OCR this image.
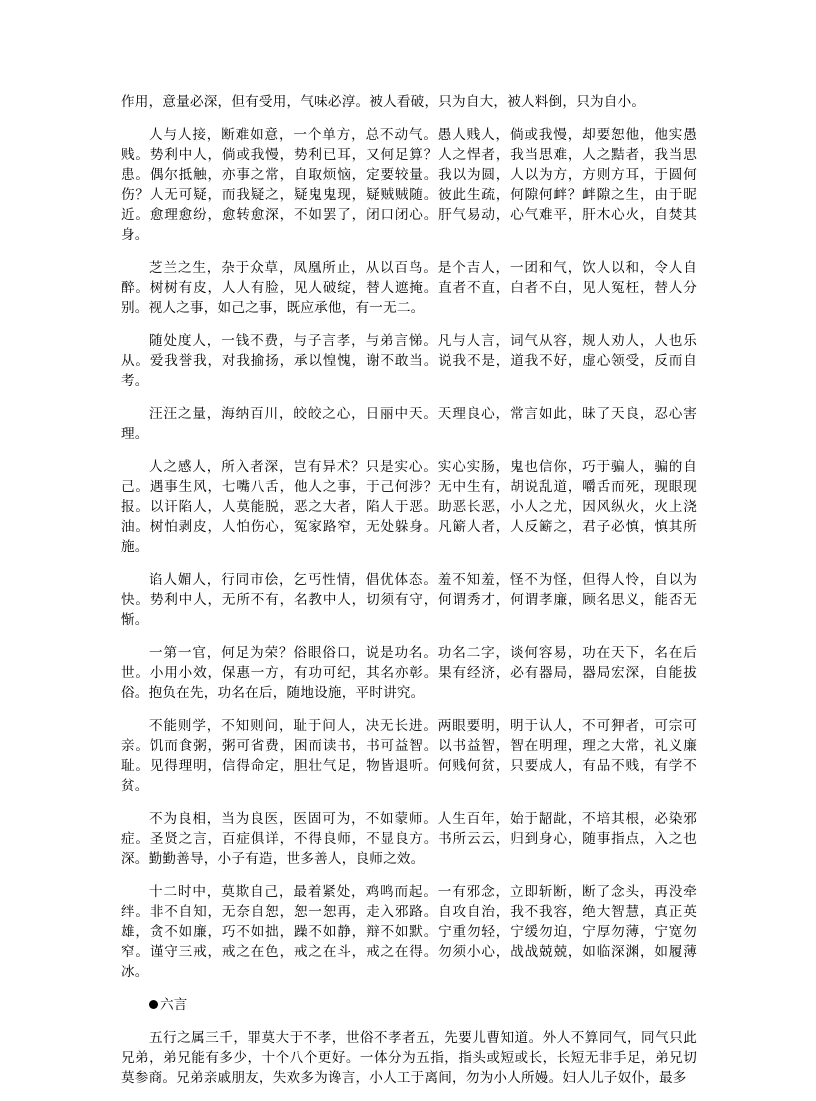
作用，意量必深，但有受用，气味必淳。被人看破，只为自大，被人料倒，只为自小。

人与人接，断难如意，一个单方，总不动气。愚人贱人，倘或我慢，却要恕他，他实愚贱。势利中人，倘或我慢，势利已耳，又何足算？人之悍者，我当思难，人之黠者，我当思患。偶尔抵触，亦事之常，自取烦恼，定要较量。我以为圆，人以为方，方则方耳，于圆何伤？人无可疑，而我疑之，疑鬼鬼现，疑贼贼随。彼此生疏，何隙何衅？衅隙之生，由于昵近。愈理愈纷，愈转愈深，不如罢了，闭口闭心。肝气易动，心气难平，肝木心火，自焚其身。

芝兰之生，杂于众草，凤凰所止，从以百鸟。是个吉人，一团和气，饮人以和，令人自醉。树树有皮，人人有脸，见人破绽，替人遮掩。直者不直，白者不白，见人冤枉，替人分别。视人之事，如己之事，既应承他，有一无二。

随处度人，一钱不费，与子言孝，与弟言悌。凡与人言，词气从容，规人劝人，人也乐从。爱我誉我，对我揄扬，承以惶愧，谢不敢当。说我不是，道我不好，虚心领受，反而自考。

汪汪之量，海纳百川，皎皎之心，日丽中天。天理良心，常言如此，昧了天良，忍心害理。

人之感人，所入者深，岂有异术？只是实心。实心实肠，鬼也信你，巧于骗人，骗的自己。遇事生风，七嘴八舌，他人之事，于己何涉？无中生有，胡说乱道，嚼舌而死，现眼现报。以讦陷人，人莫能脱，恶之大者，陷人于恶。助恶长恶，小人之尤，因风纵火，火上浇油。树怕剥皮，人怕伤心，冤家路窄，无处躲身。凡簖人者，人反簖之，君子必慎，慎其所施。

谄人媚人，行同市侩，乞丐性情，倡优体态。羞不知羞，怪不为怪，但得人怜，自以为快。势利中人，无所不有，名教中人，切须有守，何谓秀才，何谓孝廉，顾名思义，能否无惭。

一第一官，何足为荣？俗眼俗口，说是功名。功名二字，谈何容易，功在天下，名在后世。小用小效，保惠一方，有功可纪，其名亦彰。果有经济，必有器局，器局宏深，自能拔俗。抱负在先，功名在后，随地设施，平时讲究。

不能则学，不知则问，耻于问人，决无长进。两眼要明，明于认人，不可狎者，可宗可亲。饥而食粥，粥可省费，困而读书，书可益智。以书益智，智在明理，理之大常，礼义廉耻。见得理明，信得命定，胆壮气足，物皆退听。何贱何贫，只要成人，有品不贱，有学不贫。

不为良相，当为良医，医固可为，不如蒙师。人生百年，始于龆龀，不培其根，必染邪症。圣贤之言，百症俱详，不得良师，不显良方。书所云云，归到身心，随事指点，入之也深。勤勤善导，小子有造，世多善人，良师之效。

十二时中，莫欺自己，最着紧处，鸡鸣而起。一有邪念，立即斩断，断了念头，再没牵绊。非不自知，无奈自恕，恕一恕再，走入邪路。自攻自治，我不我容，绝大智慧，真正英雄，贪不如廉，巧不如拙，躁不如静，辩不如默。宁重勿轻，宁缓勿迫，宁厚勿薄，宁宽勿窄。谨守三戒，戒之在色，戒之在斗，戒之在得。勿须小心，战战兢兢，如临深渊，如履薄冰。

六言

五行之属三千，罪莫大于不孝，世俗不孝者五，先要儿曹知道。外人不算同气，同气只此兄弟，弟兄能有多少，十个八个更好。一体分为五指，指头或短或长，长短无非手足，弟兄切莫参商。兄弟亲戚朋友，失欢多为谗言，小人工于离间，勿为小人所嫚。妇人儿子奴仆，最多
